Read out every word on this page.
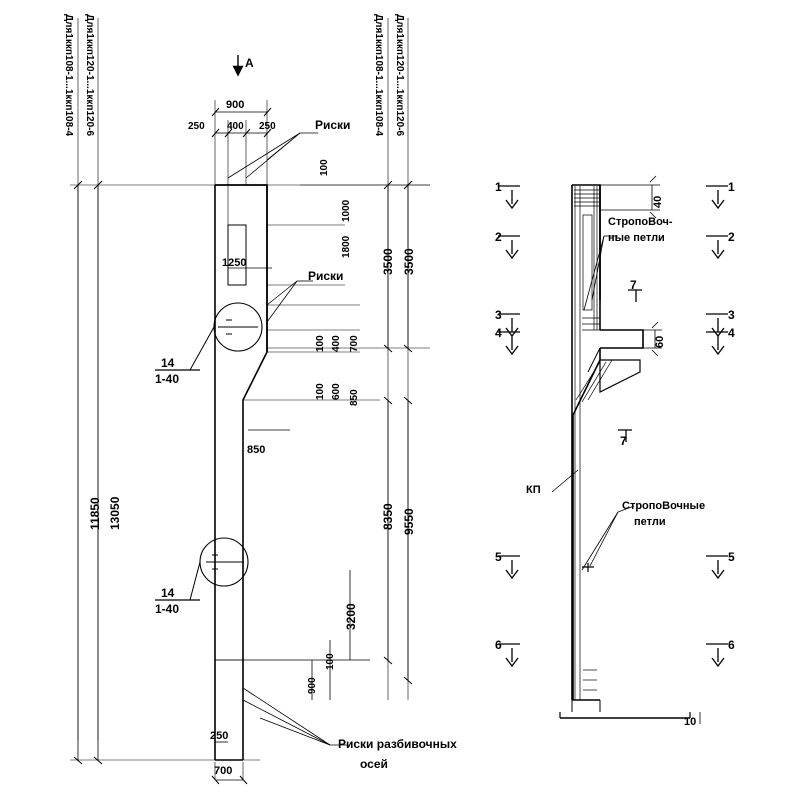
Для1ккп108-1...1ккп108-4 Для1ккп120-1...1ккп120-6	Для1ккп108-1...1ккп108-4 Для1ккп120-1...1ккп120-6
A
900
250 400 250	Риски
Риски
11850 13050
3500 3500
8350 9550
100
1000
1800
1250
100 400 700
100 600 850
850
3200
900
100
250
700
14
1-40
14
1-40
Риски разбивочных
осей
40
60
10
СтропоВоч-
ные петли
СтропоВочные
петли
КП
1
2
3
4
5
6
1
2
3
4
5
6
7
7
